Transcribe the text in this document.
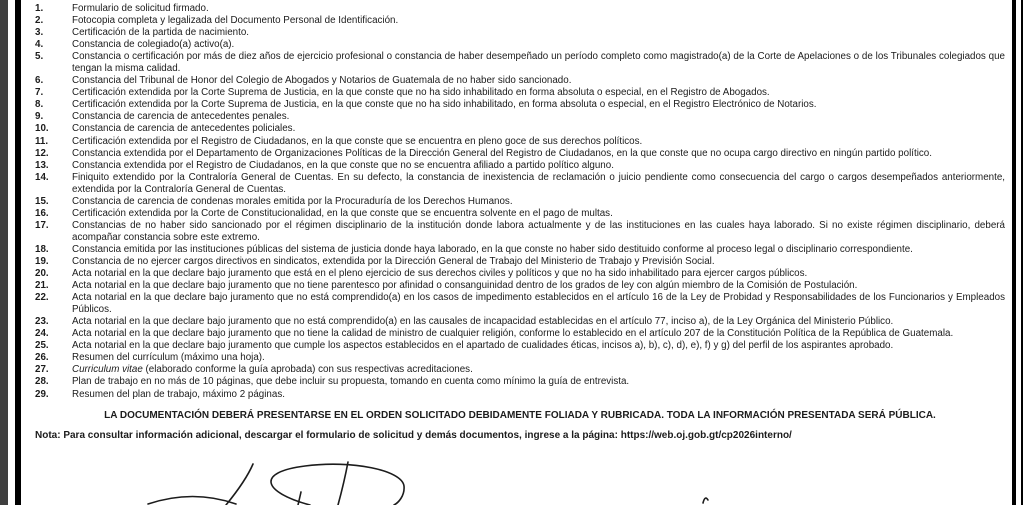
1.	Formulario de solicitud firmado.
2.	Fotocopia completa y legalizada del Documento Personal de Identificación.
3.	Certificación de la partida de nacimiento.
4.	Constancia de colegiado(a) activo(a).
5.	Constancia o certificación por más de diez años de ejercicio profesional o constancia de haber desempeñado un período completo como magistrado(a) de la Corte de Apelaciones o de los Tribunales colegiados que tengan la misma calidad.
6.	Constancia del Tribunal de Honor del Colegio de Abogados y Notarios de Guatemala de no haber sido sancionado.
7.	Certificación extendida por la Corte Suprema de Justicia, en la que conste que no ha sido inhabilitado en forma absoluta o especial, en el Registro de Abogados.
8.	Certificación extendida por la Corte Suprema de Justicia, en la que conste que no ha sido inhabilitado, en forma absoluta o especial, en el Registro Electrónico de Notarios.
9.	Constancia de carencia de antecedentes penales.
10.	Constancia de carencia de antecedentes policiales.
11.	Certificación extendida por el Registro de Ciudadanos, en la que conste que se encuentra en pleno goce de sus derechos políticos.
12.	Constancia extendida por el Departamento de Organizaciones Políticas de la Dirección General del Registro de Ciudadanos, en la que conste que no ocupa cargo directivo en ningún partido político.
13.	Constancia extendida por el Registro de Ciudadanos, en la que conste que no se encuentra afiliado a partido político alguno.
14.	Finiquito extendido por la Contraloría General de Cuentas. En su defecto, la constancia de inexistencia de reclamación o juicio pendiente como consecuencia del cargo o cargos desempeñados anteriormente, extendida por la Contraloría General de Cuentas.
15.	Constancia de carencia de condenas morales emitida por la Procuraduría de los Derechos Humanos.
16.	Certificación extendida por la Corte de Constitucionalidad, en la que conste que se encuentra solvente en el pago de multas.
17.	Constancias de no haber sido sancionado por el régimen disciplinario de la institución donde labora actualmente y de las instituciones en las cuales haya laborado. Si no existe régimen disciplinario, deberá acompañar constancia sobre este extremo.
18.	Constancia emitida por las instituciones públicas del sistema de justicia donde haya laborado, en la que conste no haber sido destituido conforme al proceso legal o disciplinario correspondiente.
19.	Constancia de no ejercer cargos directivos en sindicatos, extendida por la Dirección General de Trabajo del Ministerio de Trabajo y Previsión Social.
20.	Acta notarial en la que declare bajo juramento que está en el pleno ejercicio de sus derechos civiles y políticos y que no ha sido inhabilitado para ejercer cargos públicos.
21.	Acta notarial en la que declare bajo juramento que no tiene parentesco por afinidad o consanguinidad dentro de los grados de ley con algún miembro de la Comisión de Postulación.
22.	Acta notarial en la que declare bajo juramento que no está comprendido(a) en los casos de impedimento establecidos en el artículo 16 de la Ley de Probidad y Responsabilidades de los Funcionarios y Empleados Públicos.
23.	Acta notarial en la que declare bajo juramento que no está comprendido(a) en las causales de incapacidad establecidas en el artículo 77, inciso a), de la Ley Orgánica del Ministerio Público.
24.	Acta notarial en la que declare bajo juramento que no tiene la calidad de ministro de cualquier religión, conforme lo establecido en el artículo 207 de la Constitución Política de la República de Guatemala.
25.	Acta notarial en la que declare bajo juramento que cumple los aspectos establecidos en el apartado de cualidades éticas, incisos a), b), c), d), e), f) y g) del perfil de los aspirantes aprobado.
26.	Resumen del currículum (máximo una hoja).
27.	Curriculum vitae (elaborado conforme la guía aprobada) con sus respectivas acreditaciones.
28.	Plan de trabajo en no más de 10 páginas, que debe incluir su propuesta, tomando en cuenta como mínimo la guía de entrevista.
29.	Resumen del plan de trabajo, máximo 2 páginas.

LA DOCUMENTACIÓN DEBERÁ PRESENTARSE EN EL ORDEN SOLICITADO DEBIDAMENTE FOLIADA Y RUBRICADA. TODA LA INFORMACIÓN PRESENTADA SERÁ PÚBLICA.

Nota: Para consultar información adicional, descargar el formulario de solicitud y demás documentos, ingrese a la página: https://web.oj.gob.gt/cp2026interno/
